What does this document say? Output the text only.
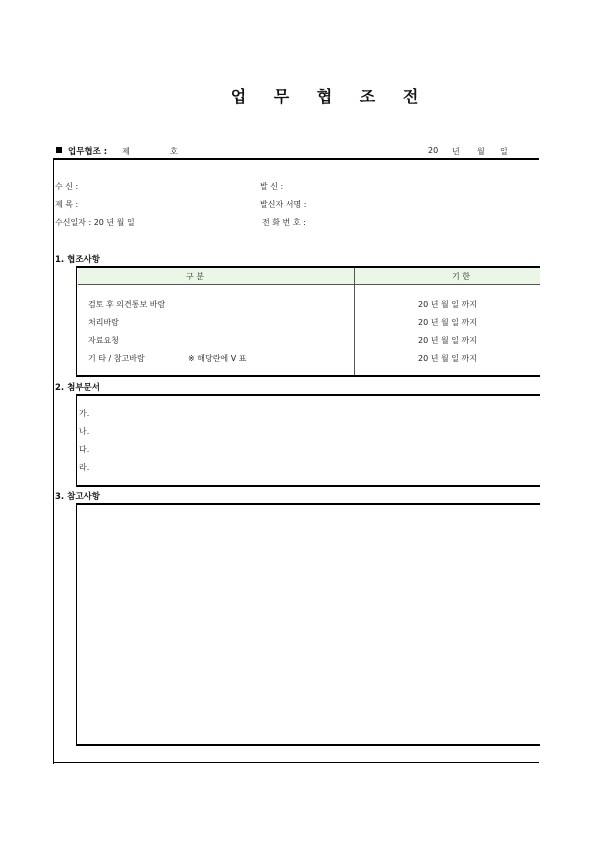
업 무 협 조 전
업무협조 : 제	호	20 년 월 일
수 신 :	발 신 :
제 목 :	발신자 서명 :
수신일자 : 20 년 월 일	전 화 번 호 :
1. 협조사항
구 분	기 한
검토 후 의견통보 바람	20 년 월 일 까지
처리바람	20 년 월 일 까지
자료요청	20 년 월 일 까지
기 타 / 참고바람	※ 해당란에 V 표	20 년 월 일 까지
2. 첨부문서
가.
나.
다.
라.
3. 참고사항
